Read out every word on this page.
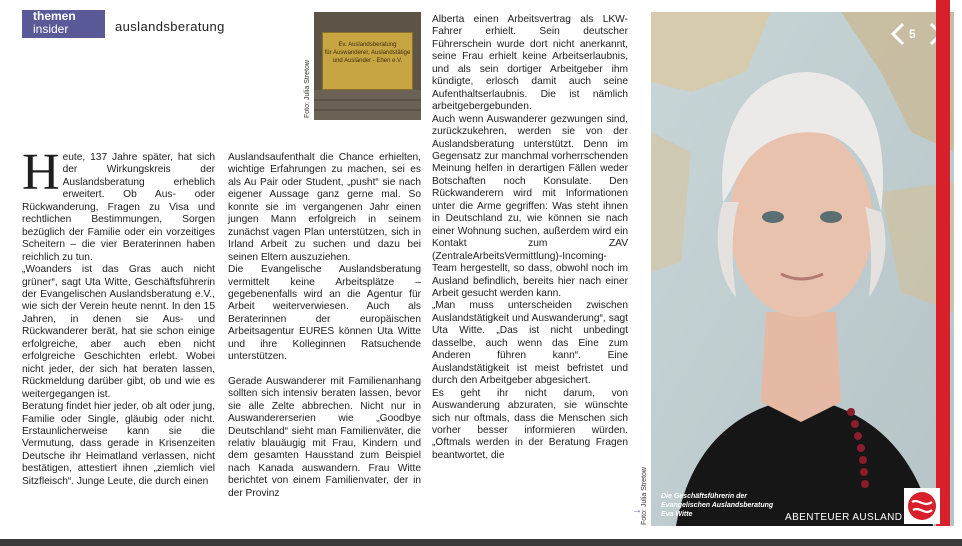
themen
insider	auslandsberatung
Ev. Auslandsberatung
für Auswanderer, Auslandstätige
und Ausländer - Ehen e.V.
Foto: Julia Stretow

Heute, 137 Jahre später, hat sich der Wirkungskreis der Auslandsberatung erheblich erweitert. Ob Aus- oder Rückwanderung, Fragen zu Visa und rechtlichen Bestimmungen, Sorgen bezüglich der Familie oder ein vorzeitiges Scheitern – die vier Beraterinnen haben reichlich zu tun.

„Woanders ist das Gras auch nicht grüner“, sagt Uta Witte, Geschäftsführerin der Evangelischen Auslandsberatung e.V., wie sich der Verein heute nennt. In den 15 Jahren, in denen sie Aus- und Rückwanderer berät, hat sie schon einige erfolgreiche, aber auch eben nicht erfolgreiche Geschichten erlebt. Wobei nicht jeder, der sich hat beraten lassen, Rückmeldung darüber gibt, ob und wie es weitergegangen ist.

Beratung findet hier jeder, ob alt oder jung, Familie oder Single, gläubig oder nicht. Erstaunlicherweise kann sie die Vermutung, dass gerade in Krisenzeiten Deutsche ihr Heimatland verlassen, nicht bestätigen, attestiert ihnen „ziemlich viel Sitzfleisch“. Junge Leute, die durch einen

Auslandsaufenthalt die Chance erhielten, wichtige Erfahrungen zu machen, sei es als Au Pair oder Student, „pusht“ sie nach eigener Aussage ganz gerne mal. So konnte sie im vergangenen Jahr einen jungen Mann erfolgreich in seinem zunächst vagen Plan unterstützen, sich in Irland Arbeit zu suchen und dazu bei seinen Eltern auszuziehen.

Die Evangelische Auslandsberatung vermittelt keine Arbeitsplätze – gegebenenfalls wird an die Agentur für Arbeit weiterverwiesen. Auch als Beraterinnen der europäischen Arbeitsagentur EURES können Uta Witte und ihre Kolleginnen Ratsuchende unterstützen.

Gerade Auswanderer mit Familienanhang sollten sich intensiv beraten lassen, bevor sie alle Zelte abbrechen. Nicht nur in Auswandererserien wie „Goodbye Deutschland“ sieht man Familienväter, die relativ blauäugig mit Frau, Kindern und dem gesamten Hausstand zum Beispiel nach Kanada auswandern. Frau Witte berichtet von einem Familienvater, der in der Provinz

Alberta einen Arbeitsvertrag als LKW-Fahrer erhielt. Sein deutscher Führerschein wurde dort nicht anerkannt, seine Frau erhielt keine Arbeitserlaubnis, und als sein dortiger Arbeitgeber ihm kündigte, erlosch damit auch seine Aufenthaltserlaubnis. Die ist nämlich arbeitgebergebunden.

Auch wenn Auswanderer gezwungen sind, zurückzukehren, werden sie von der Auslandsberatung unterstützt. Denn im Gegensatz zur manchmal vorherrschenden Meinung helfen in derartigen Fällen weder Botschaften noch Konsulate. Den Rückwanderern wird mit Informationen unter die Arme gegriffen: Was steht ihnen in Deutschland zu, wie können sie nach einer Wohnung suchen, außerdem wird ein Kontakt zum ZAV (ZentraleArbeitsVermittlung)-Incoming-Team hergestellt, so dass, obwohl noch im Ausland befindlich, bereits hier nach einer Arbeit gesucht werden kann.

„Man muss unterscheiden zwischen Auslandstätigkeit und Auswanderung“, sagt Uta Witte. „Das ist nicht unbedingt dasselbe, auch wenn das Eine zum Anderen führen kann“. Eine Auslandstätigkeit ist meist befristet und durch den Arbeitgeber abgesichert.

Es geht ihr nicht darum, von Auswanderung abzuraten, sie wünschte sich nur oftmals, dass die Menschen sich vorher besser informieren würden. „Oftmals werden in der Beratung Fragen beantwortet, die

5
Foto: Julia Stretow Die Geschäftsführerin der
Evangelischen Auslandsberatung
Eva Witte	ABENTEUER AUSLAND
→
